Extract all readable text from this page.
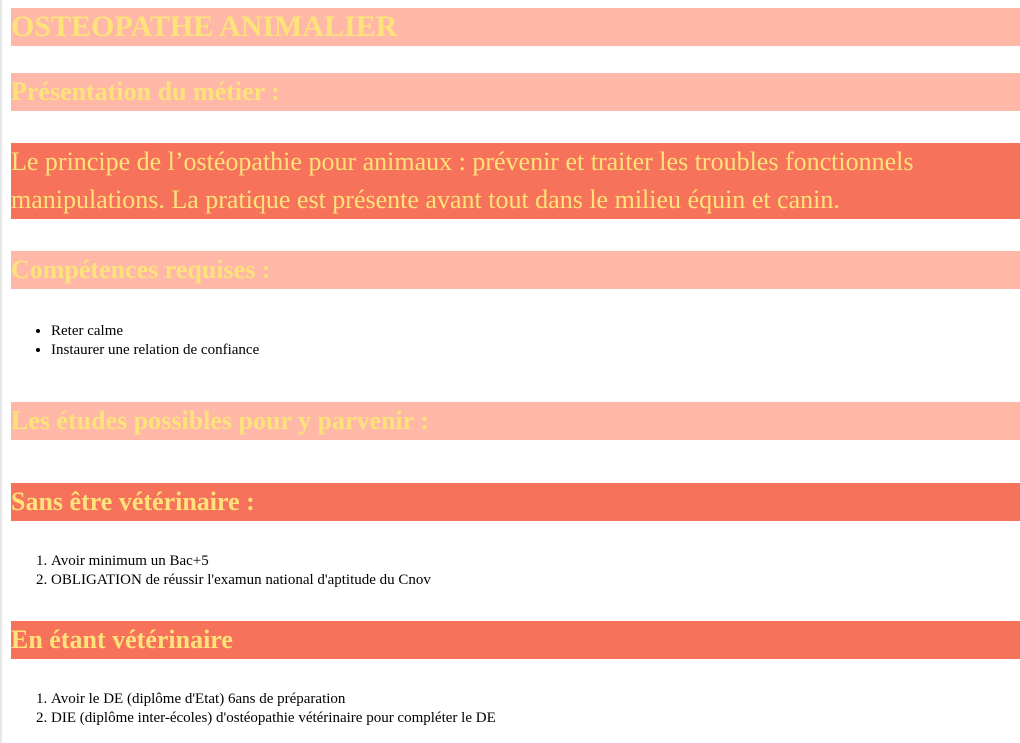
OSTEOPATHE ANIMALIER
Présentation du métier :
Le principe de l’ostéopathie pour animaux : prévenir et traiter les troubles fonctionnels
manipulations. La pratique est présente avant tout dans le milieu équin et canin.
Compétences requises :
• Reter calme
• Instaurer une relation de confiance
Les études possibles pour y parvenir :
Sans être vétérinaire :
1. Avoir minimum un Bac+5
2. OBLIGATION de réussir l'examun national d'aptitude du Cnov
En étant vétérinaire
1. Avoir le DE (diplôme d'Etat) 6ans de préparation
2. DIE (diplôme inter-écoles) d'ostéopathie vétérinaire pour compléter le DE
